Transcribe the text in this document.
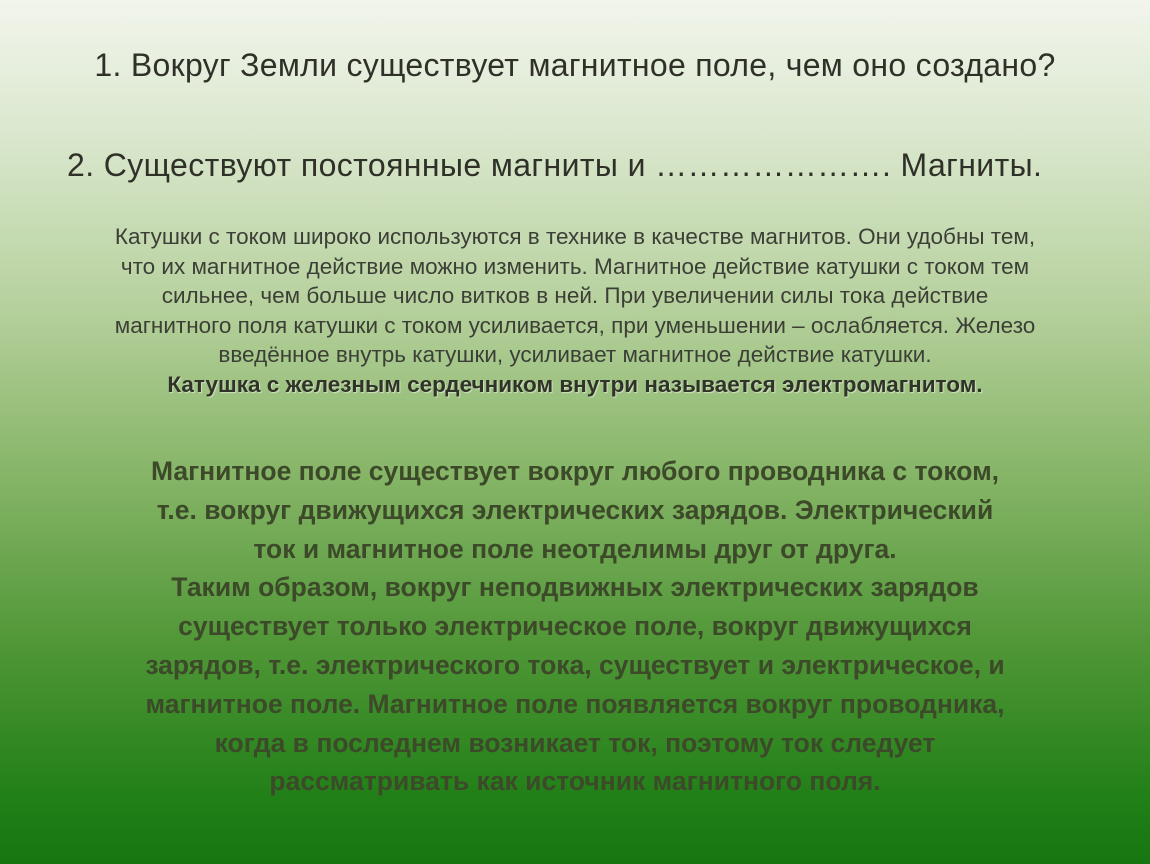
1. Вокруг Земли существует магнитное поле, чем оно создано?
2. Существуют постоянные магниты и …………………. Магниты.
Катушки с током широко используются в технике в качестве магнитов. Они удобны тем,
что их магнитное действие можно изменить. Магнитное действие катушки с током тем
сильнее, чем больше число витков в ней. При увеличении силы тока действие
магнитного поля катушки с током усиливается, при уменьшении – ослабляется. Железо
введённое внутрь катушки, усиливает магнитное действие катушки.
Катушка с железным сердечником внутри называется электромагнитом.
Магнитное поле существует вокруг любого проводника с током,
т.е. вокруг движущихся электрических зарядов. Электрический
ток и магнитное поле неотделимы друг от друга.
Таким образом, вокруг неподвижных электрических зарядов
существует только электрическое поле, вокруг движущихся
зарядов, т.е. электрического тока, существует и электрическое, и
магнитное поле. Магнитное поле появляется вокруг проводника,
когда в последнем возникает ток, поэтому ток следует
рассматривать как источник магнитного поля.
